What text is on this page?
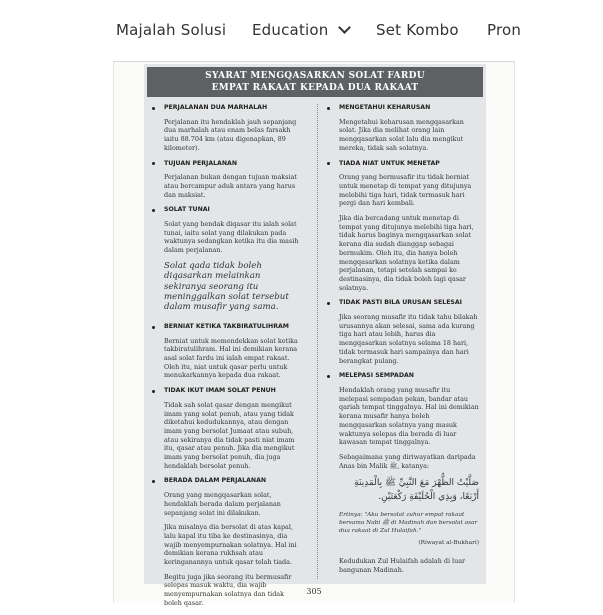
Majalah Solusi Education	Set Kombo Pron
SYARAT MENGQASARKAN SOLAT FARDU
EMPAT RAKAAT KEPADA DUA RAKAAT
PERJALANAN DUA MARHALAH

Perjalanan itu hendaklah jauh sepanjang dua marhalah atau enam belas farsakh iaitu 88.704 km (atau digenapkan, 89 kilometer).

TUJUAN PERJALANAN

Perjalanan bukan dengan tujuan maksiat atau bercampur aduk antara yang harus dan maksiat.

SOLAT TUNAI

Solat yang hendak diqasar itu ialah solat tunai, iaitu solat yang dilakukan pada waktunya sedangkan ketika itu dia masih dalam perjalanan.

Solat qada tidak boleh diqasarkan melainkan sekiranya seorang itu meninggalkan solat tersebut dalam musafir yang sama.
BERNIAT KETIKA TAKBIRATULIHRAM

Berniat untuk memendekkan solat ketika takbiratulihram. Hal ini demikian kerana asal solat fardu ini ialah empat rakaat. Oleh itu, niat untuk qasar perlu untuk menukarkannya kepada dua rakaat.

TIDAK IKUT IMAM SOLAT PENUH

Tidak sah solat qasar dengan mengikut imam yang solat penuh, atau yang tidak diketahui kedudukannya, atau dengan imam yang bersolat Jumaat atau subuh, atau sekiranya dia tidak pasti niat imam itu, qasar atau penuh. Jika dia mengikut imam yang bersolat penuh, dia juga hendaklah bersolat penuh.

BERADA DALAM PERJALANAN

Orang yang mengqasarkan solat, hendaklah berada dalam perjalanan sepanjang solat ini dilakukan.

Jika misalnya dia bersolat di atas kapal, lalu kapal itu tiba ke destinasinya, dia wajib menyempurnakan solatnya. Hal ini demikian kerana rukhsah atau keringanannya untuk qasar telah tiada.

Begitu juga jika seorang itu bermusafir selepas masuk waktu, dia wajib menyempurnakan solatnya dan tidak boleh qasar.

MENGETAHUI KEHARUSAN

Mengetahui keharusan mengqasarkan solat. Jika dia melihat orang lain mengqasarkan solat lalu dia mengikut mereka, tidak sah solatnya.

TIADA NIAT UNTUK MENETAP

Orang yang bermusafir itu tidak berniat untuk menetap di tempat yang ditujunya melebihi tiga hari, tidak termasuk hari pergi dan hari kembali.

Jika dia bercadang untuk menetap di tempat yang ditujunya melebihi tiga hari, tidak harus baginya mengqasarkan solat kerana dia sudah dianggap sebagai bermukim. Oleh itu, dia hanya boleh mengqasarkan solatnya ketika dalam perjalanan, tetapi setelah sampai ke destinasinya, dia tidak boleh lagi qasar solatnya.

TIDAK PASTI BILA URUSAN SELESAI

Jika seorang musafir itu tidak tahu bilakah urusannya akan selesai, sama ada kurang tiga hari atau lebih, harus dia mengqasarkan solatnya selama 18 hari, tidak termasuk hari sampainya dan hari berangkat pulang.

MELEPASI SEMPADAN

Hendaklah orang yang musafir itu melepasi sempadan pekan, bandar atau qariah tempat tinggalnya. Hal ini demikian kerana musafir hanya boleh mengqasarkan solatnya yang masuk waktunya selepas dia berada di luar kawasan tempat tinggalnya.

Sebagaimana yang diriwayatkan daripada Anas bin Malik ﷺ, katanya:

صَلَّيْتُ الظُّهْرَ مَعَ النَّبِيِّ ﷺ بِالْمَدِينَةِ أَرْبَعًا، وَبِذِي الْحُلَيْفَةِ رَكْعَتَيْنِ.

Ertinya: "Aku bersolat zuhur empat rakaat bersama Nabi ﷺ di Madinah dan bersolat asar dua rakaat di Zul Hulaifah."

(Riwayat al-Bukhari)

Kedudukan Zul Hulaifah adalah di luar bangunan Madinah.

305
